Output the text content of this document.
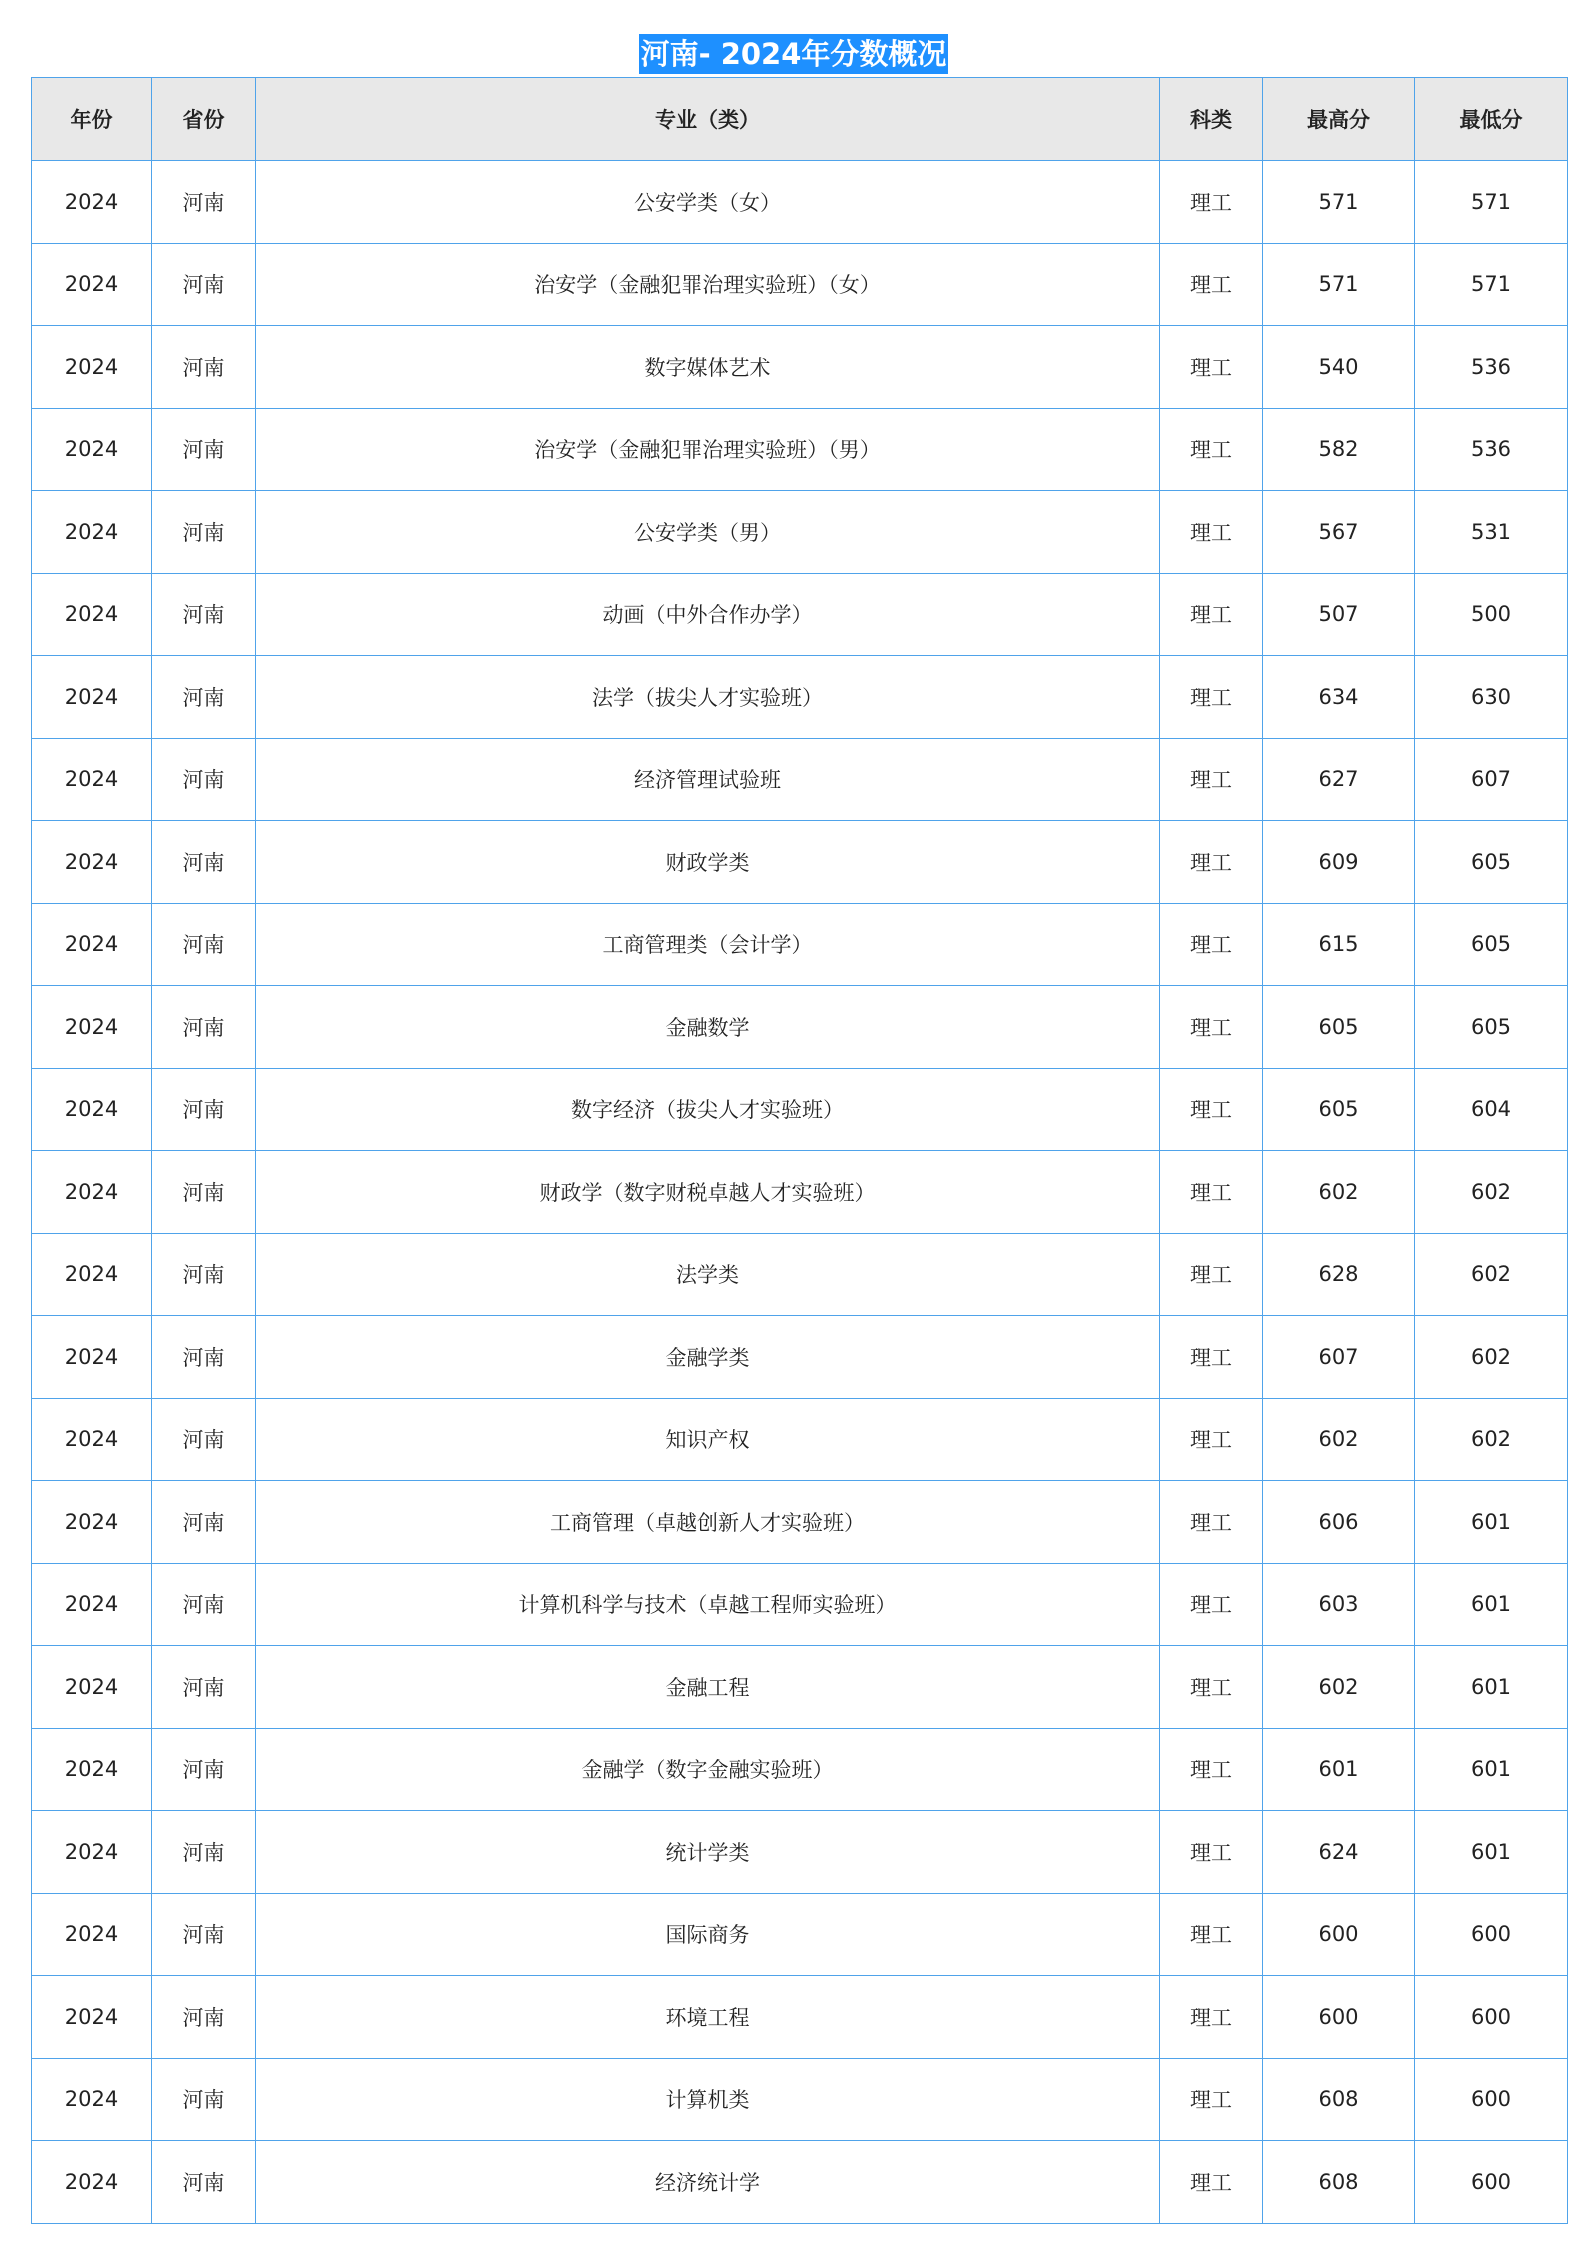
河南- 2024年分数概况
年份	省份	专业（类）	科类	最高分	最低分
2024	河南	公安学类（女）	理工	571	571
2024	河南	治安学（金融犯罪治理实验班）（女）	理工	571	571
2024	河南	数字媒体艺术	理工	540	536
2024	河南	治安学（金融犯罪治理实验班）（男）	理工	582	536
2024	河南	公安学类（男）	理工	567	531
2024	河南	动画（中外合作办学）	理工	507	500
2024	河南	法学（拔尖人才实验班）	理工	634	630
2024	河南	经济管理试验班	理工	627	607
2024	河南	财政学类	理工	609	605
2024	河南	工商管理类（会计学）	理工	615	605
2024	河南	金融数学	理工	605	605
2024	河南	数字经济（拔尖人才实验班）	理工	605	604
2024	河南	财政学（数字财税卓越人才实验班）	理工	602	602
2024	河南	法学类	理工	628	602
2024	河南	金融学类	理工	607	602
2024	河南	知识产权	理工	602	602
2024	河南	工商管理（卓越创新人才实验班）	理工	606	601
2024	河南	计算机科学与技术（卓越工程师实验班）	理工	603	601
2024	河南	金融工程	理工	602	601
2024	河南	金融学（数字金融实验班）	理工	601	601
2024	河南	统计学类	理工	624	601
2024	河南	国际商务	理工	600	600
2024	河南	环境工程	理工	600	600
2024	河南	计算机类	理工	608	600
2024	河南	经济统计学	理工	608	600
